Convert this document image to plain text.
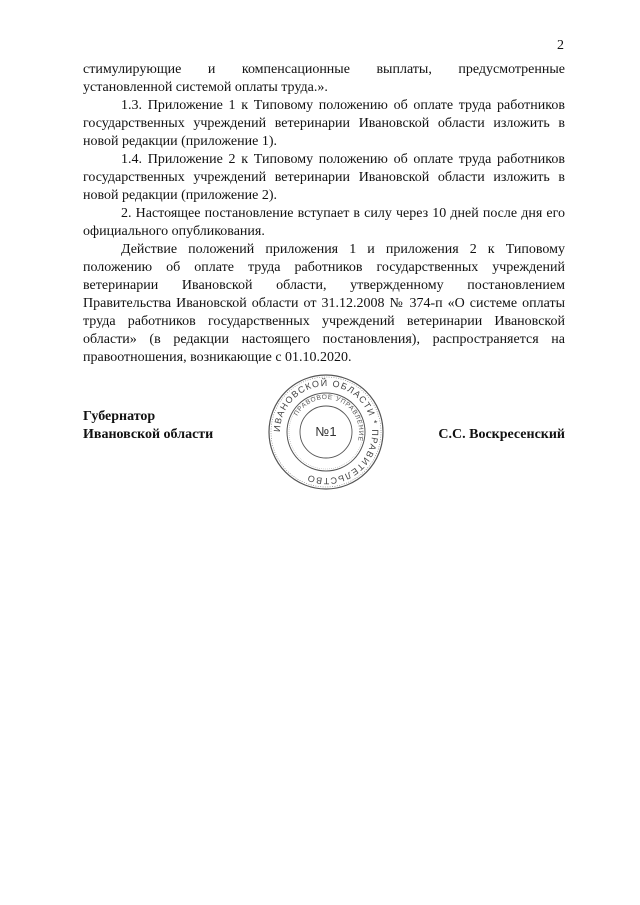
2

стимулирующие и компенсационные выплаты, предусмотренные установленной системой оплаты труда.».

1.3. Приложение 1 к Типовому положению об оплате труда работников государственных учреждений ветеринарии Ивановской области изложить в новой редакции (приложение 1).

1.4. Приложение 2 к Типовому положению об оплате труда работников государственных учреждений ветеринарии Ивановской области изложить в новой редакции (приложение 2).

2. Настоящее постановление вступает в силу через 10 дней после дня его официального опубликования.

Действие положений приложения 1 и приложения 2 к Типовому положению об оплате труда работников государственных учреждений ветеринарии Ивановской области, утвержденному постановлением Правительства Ивановской области от 31.12.2008 № 374-п «О системе оплаты труда работников государственных учреждений ветеринарии Ивановской области» (в редакции настоящего постановления), распространяется на правоотношения, возникающие с 01.10.2020.

Губернатор
Ивановской области	С.С. Воскресенский
ИВАНОВСКОЙ ОБЛАСТИ * ПРАВИТЕЛЬСТВО
ПРАВОВОЕ УПРАВЛЕНИЕ
№1
